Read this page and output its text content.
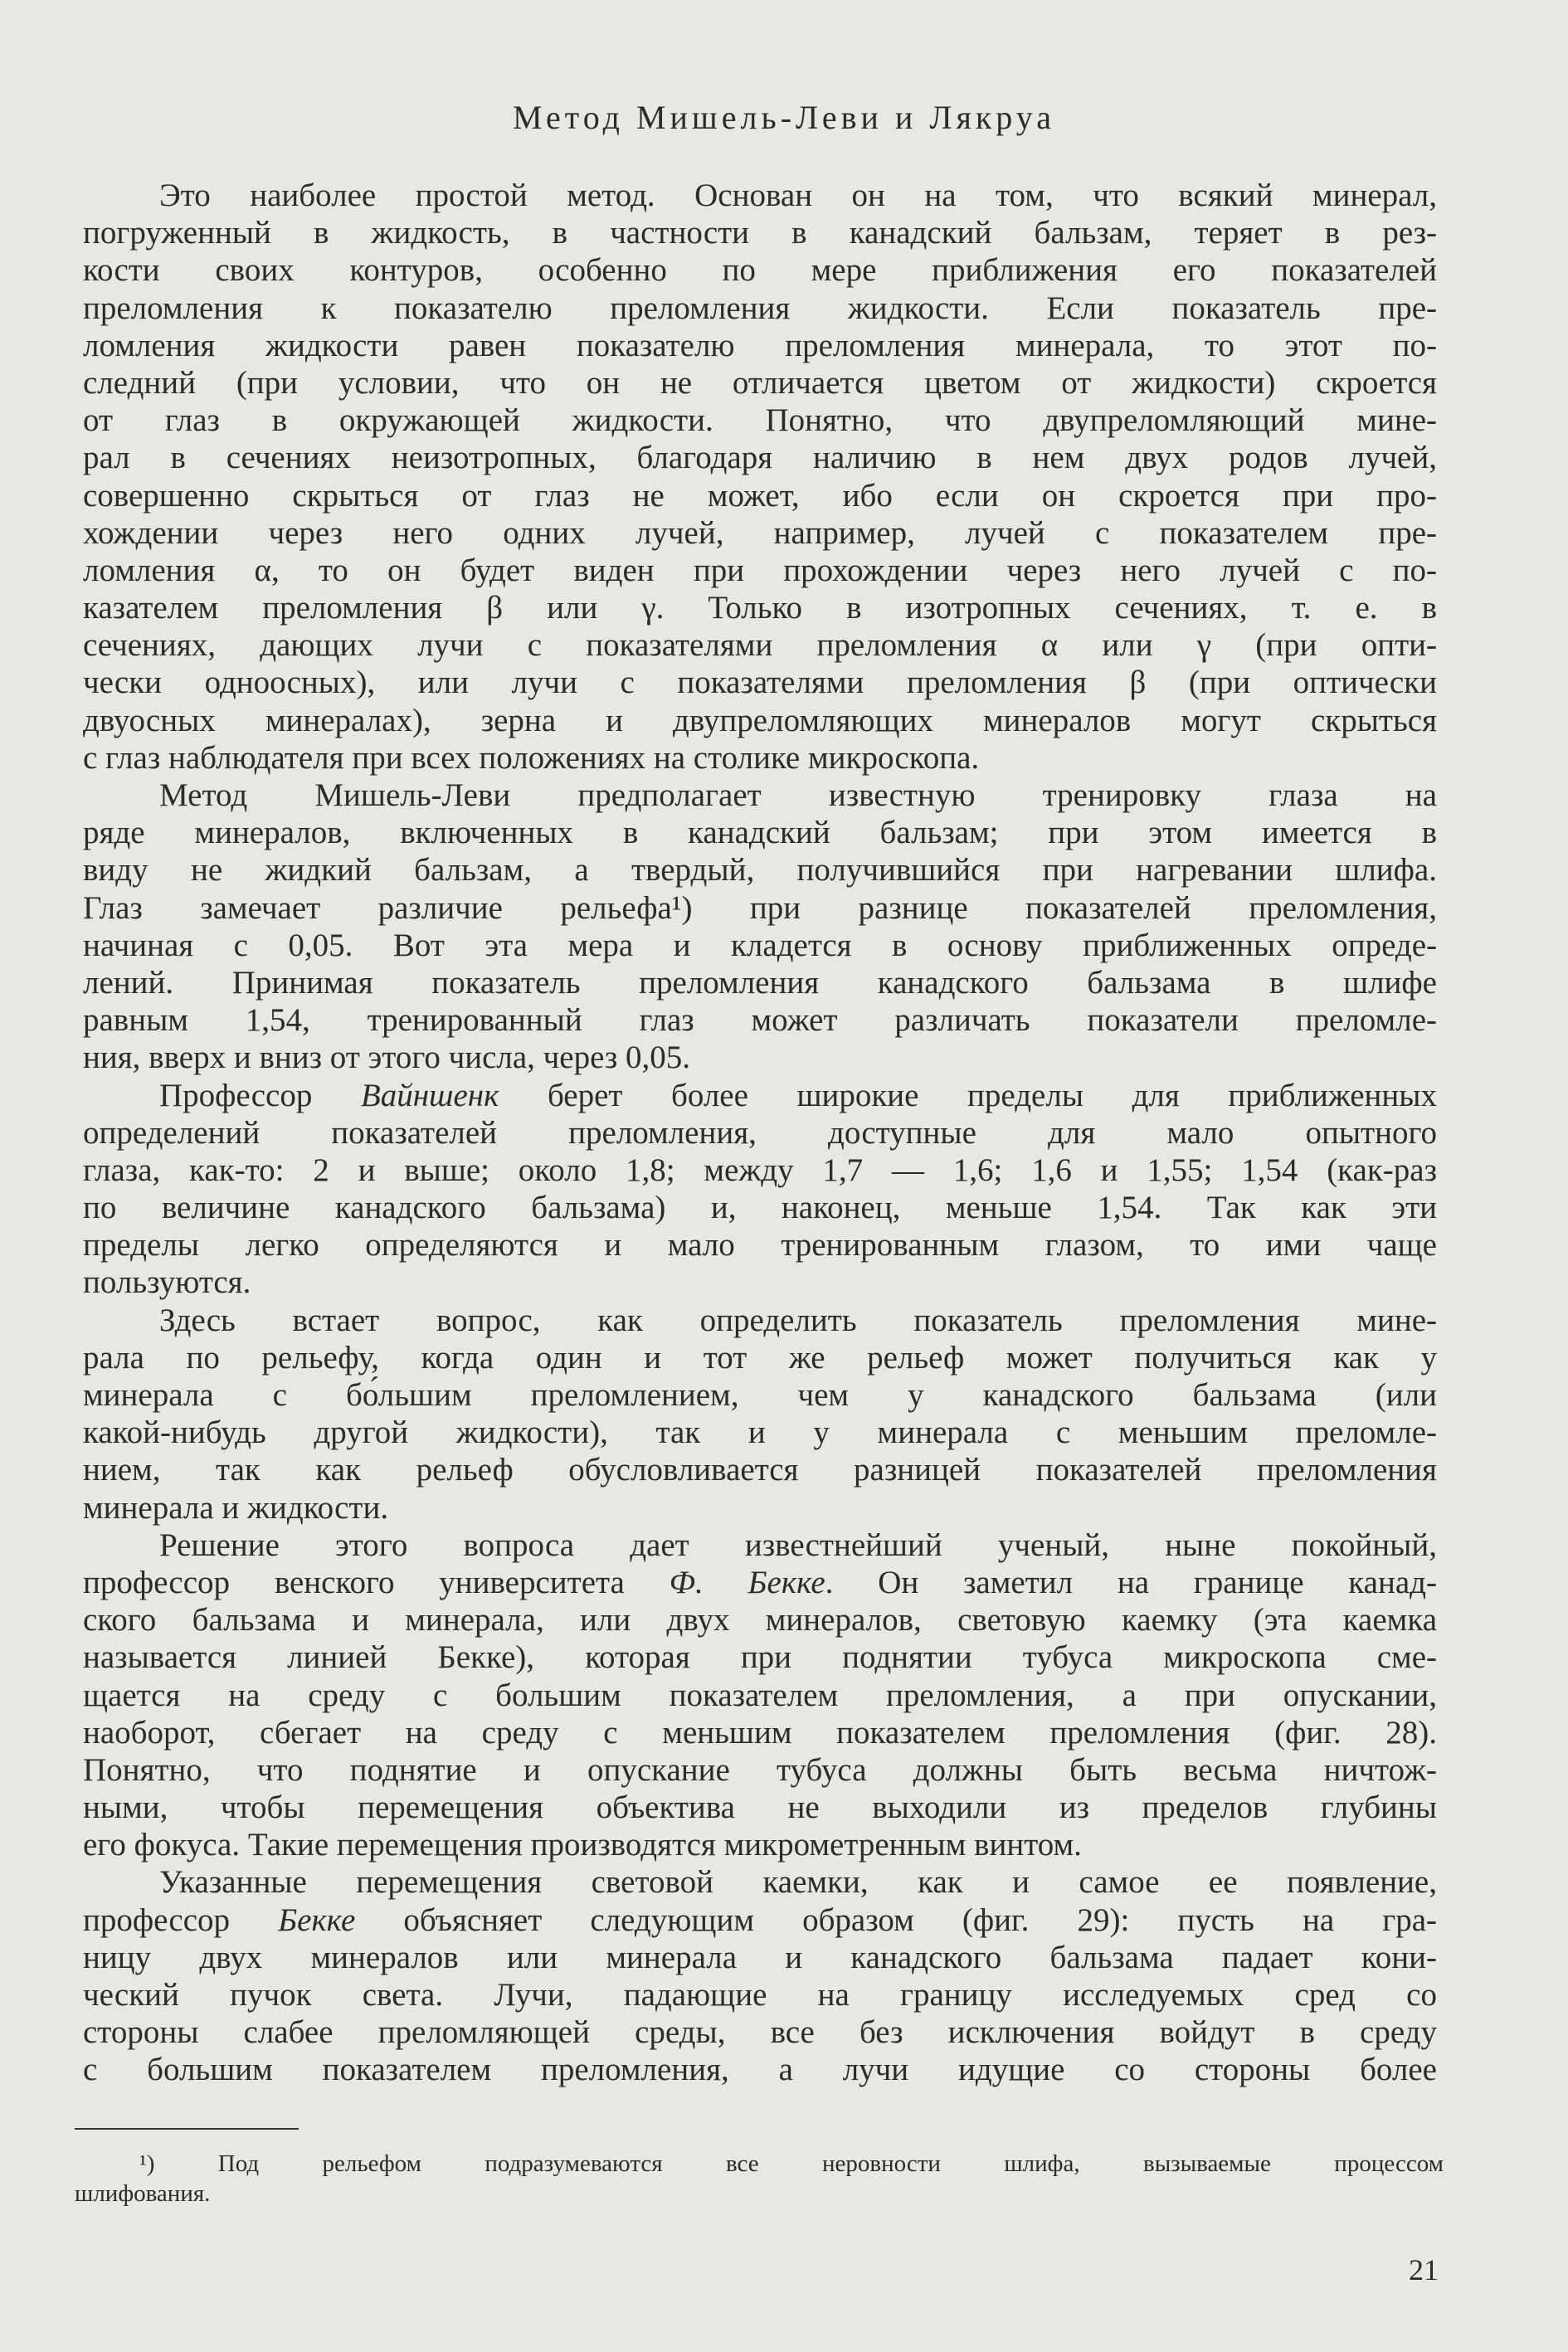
Метод Мишель-Леви и Лякруа
Это наиболее простой метод. Основан он на том, что всякий минерал,
погруженный в жидкость, в частности в канадский бальзам, теряет в рез-
кости своих контуров, особенно по мере приближения его показателей
преломления к показателю преломления жидкости. Если показатель пре-
ломления жидкости равен показателю преломления минерала, то этот по-
следний (при условии, что он не отличается цветом от жидкости) скроется
от глаз в окружающей жидкости. Понятно, что двупреломляющий мине-
рал в сечениях неизотропных, благодаря наличию в нем двух родов лучей,
совершенно скрыться от глаз не может, ибо если он скроется при про-
хождении через него одних лучей, например, лучей с показателем пре-
ломления α, то он будет виден при прохождении через него лучей с по-
казателем преломления β или γ. Только в изотропных сечениях, т. е. в
сечениях, дающих лучи с показателями преломления α или γ (при опти-
чески одноосных), или лучи с показателями преломления β (при оптически
двуосных минералах), зерна и двупреломляющих минералов могут скрыться
с глаз наблюдателя при всех положениях на столике микроскопа.
Метод Мишель-Леви предполагает известную тренировку глаза на
ряде минералов, включенных в канадский бальзам; при этом имеется в
виду не жидкий бальзам, а твердый, получившийся при нагревании шлифа.
Глаз замечает различие рельефа¹) при разнице показателей преломления,
начиная с 0,05. Вот эта мера и кладется в основу приближенных опреде-
лений. Принимая показатель преломления канадского бальзама в шлифе
равным 1,54, тренированный глаз может различать показатели преломле-
ния, вверх и вниз от этого числа, через 0,05.
Профессор Вайншенк берет более широкие пределы для приближенных
определений показателей преломления, доступные для мало опытного
глаза, как-то: 2 и выше; около 1,8; между 1,7 — 1,6; 1,6 и 1,55; 1,54 (как-раз
по величине канадского бальзама) и, наконец, меньше 1,54. Так как эти
пределы легко определяются и мало тренированным глазом, то ими чаще
пользуются.
Здесь встает вопрос, как определить показатель преломления мине-
рала по рельефу, когда один и тот же рельеф может получиться как у
минерала с бо́льшим преломлением, чем у канадского бальзама (или
какой-нибудь другой жидкости), так и у минерала с меньшим преломле-
нием, так как рельеф обусловливается разницей показателей преломления
минерала и жидкости.
Решение этого вопроса дает известнейший ученый, ныне покойный,
профессор венского университета Ф. Бекке. Он заметил на границе канад-
ского бальзама и минерала, или двух минералов, световую каемку (эта каемка
называется линией Бекке), которая при поднятии тубуса микроскопа сме-
щается на среду с большим показателем преломления, а при опускании,
наоборот, сбегает на среду с меньшим показателем преломления (фиг. 28).
Понятно, что поднятие и опускание тубуса должны быть весьма ничтож-
ными, чтобы перемещения объектива не выходили из пределов глубины
его фокуса. Такие перемещения производятся микрометренным винтом.
Указанные перемещения световой каемки, как и самое ее появление,
профессор Бекке объясняет следующим образом (фиг. 29): пусть на гра-
ницу двух минералов или минерала и канадского бальзама падает кони-
ческий пучок света. Лучи, падающие на границу исследуемых сред со
стороны слабее преломляющей среды, все без исключения войдут в среду
с большим показателем преломления, а лучи идущие со стороны более
¹) Под рельефом подразумеваются все неровности шлифа, вызываемые процессом
шлифования.
21
